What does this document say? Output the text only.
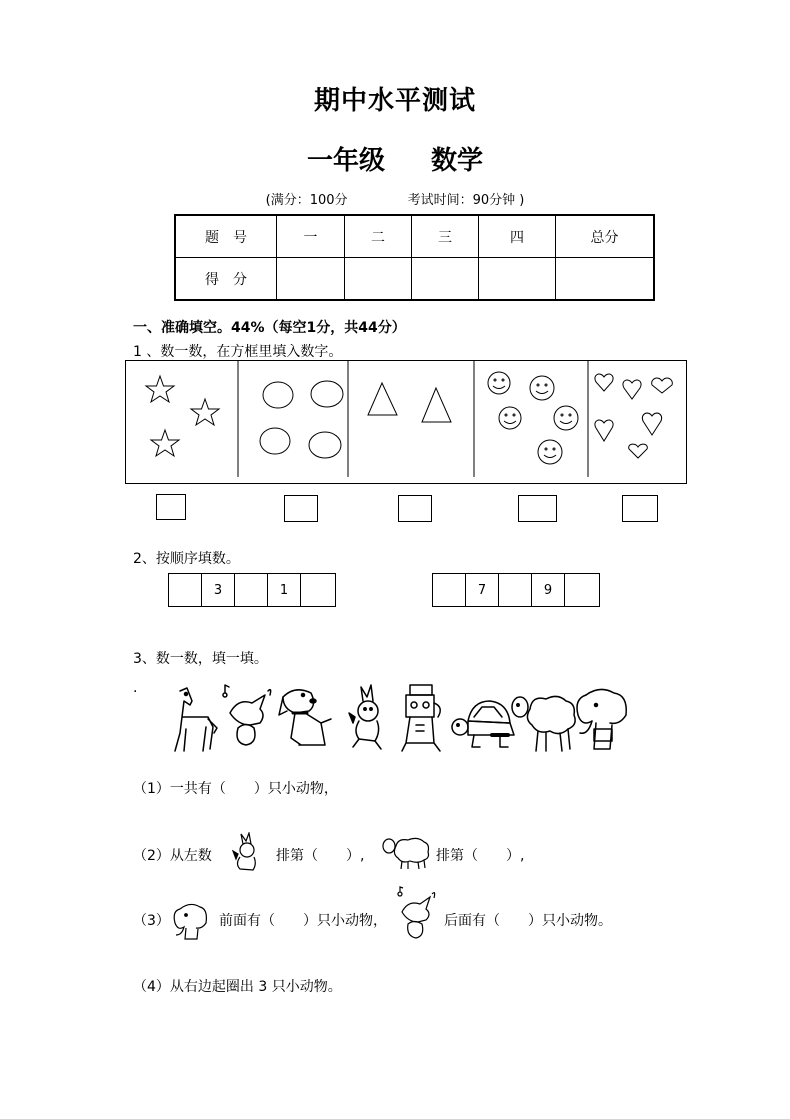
期中水平测试
一年级 数学
(满分：100分	考试时间：90分钟 )
题　号	一	二	三	四	总分
得　分					
一、准确填空。44%（每空1分，共44分）
1 、数一数，在方框里填入数字。
2、按顺序填数。
3	1	7	9
3、数一数，填一填。
.
（1）一共有（　　）只小动物，
（2）从左数	排第（　　）,	排第（　　）,
（3）	前面有（　　）只小动物，	后面有（　　）只小动物。
（4）从右边起圈出 3 只小动物。
